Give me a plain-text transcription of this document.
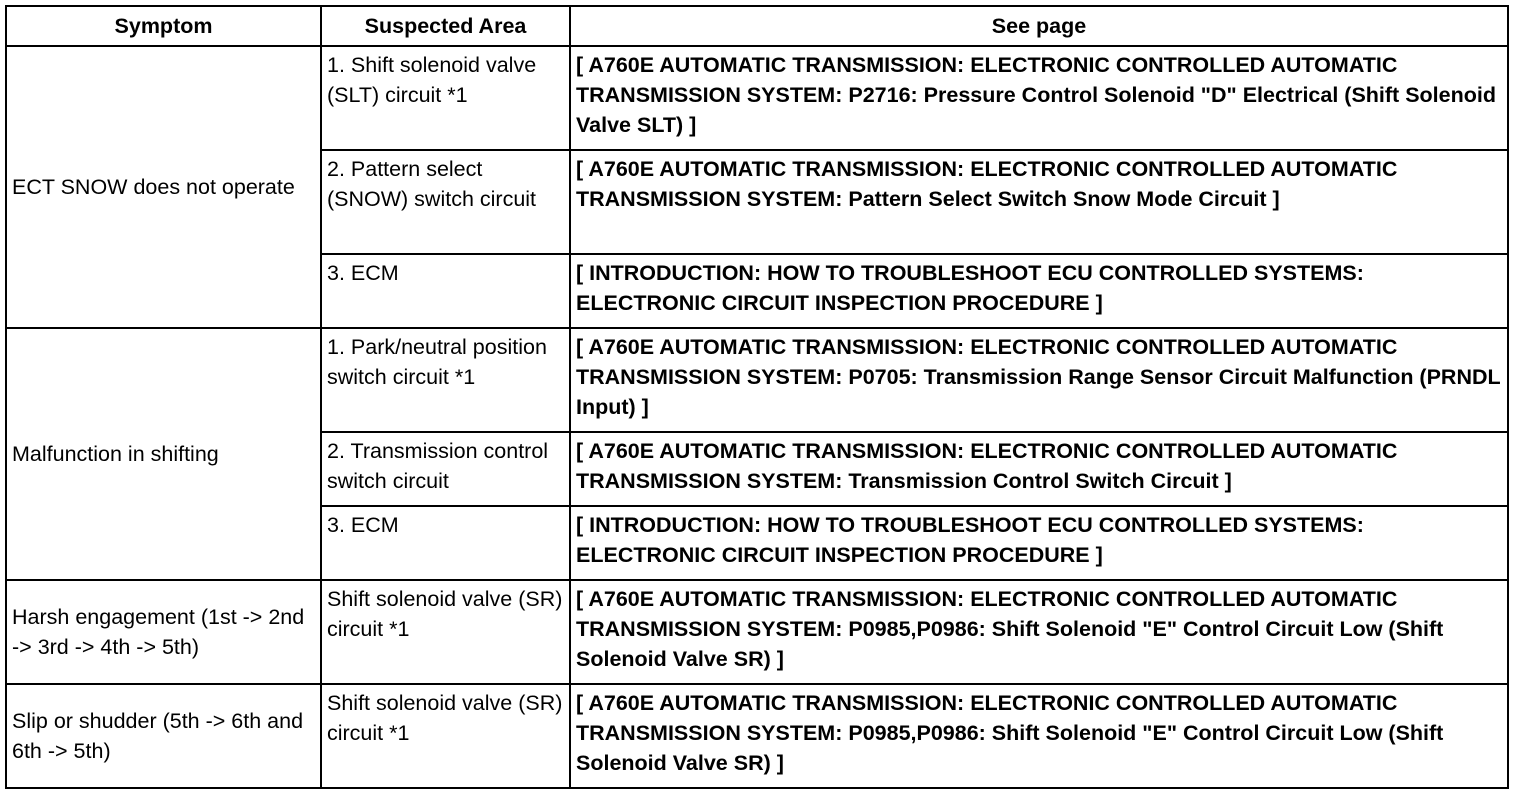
Symptom	Suspected Area	See page
ECT SNOW does not operate	1. Shift solenoid valve (SLT) circuit *1	[ A760E AUTOMATIC TRANSMISSION: ELECTRONIC CONTROLLED AUTOMATIC TRANSMISSION SYSTEM: P2716: Pressure Control Solenoid "D" Electrical (Shift Solenoid Valve SLT) ]
	2. Pattern select (SNOW) switch circuit	[ A760E AUTOMATIC TRANSMISSION: ELECTRONIC CONTROLLED AUTOMATIC TRANSMISSION SYSTEM: Pattern Select Switch Snow Mode Circuit ]
	3. ECM	[ INTRODUCTION: HOW TO TROUBLESHOOT ECU CONTROLLED SYSTEMS: ELECTRONIC CIRCUIT INSPECTION PROCEDURE ]
Malfunction in shifting	1. Park/neutral position switch circuit *1	[ A760E AUTOMATIC TRANSMISSION: ELECTRONIC CONTROLLED AUTOMATIC TRANSMISSION SYSTEM: P0705: Transmission Range Sensor Circuit Malfunction (PRNDL Input) ]
	2. Transmission control switch circuit	[ A760E AUTOMATIC TRANSMISSION: ELECTRONIC CONTROLLED AUTOMATIC TRANSMISSION SYSTEM: Transmission Control Switch Circuit ]
	3. ECM	[ INTRODUCTION: HOW TO TROUBLESHOOT ECU CONTROLLED SYSTEMS: ELECTRONIC CIRCUIT INSPECTION PROCEDURE ]
Harsh engagement (1st -> 2nd -> 3rd -> 4th -> 5th)	Shift solenoid valve (SR) circuit *1	[ A760E AUTOMATIC TRANSMISSION: ELECTRONIC CONTROLLED AUTOMATIC TRANSMISSION SYSTEM: P0985,P0986: Shift Solenoid "E" Control Circuit Low (Shift Solenoid Valve SR) ]
Slip or shudder (5th -> 6th and 6th -> 5th)	Shift solenoid valve (SR) circuit *1	[ A760E AUTOMATIC TRANSMISSION: ELECTRONIC CONTROLLED AUTOMATIC TRANSMISSION SYSTEM: P0985,P0986: Shift Solenoid "E" Control Circuit Low (Shift Solenoid Valve SR) ]
